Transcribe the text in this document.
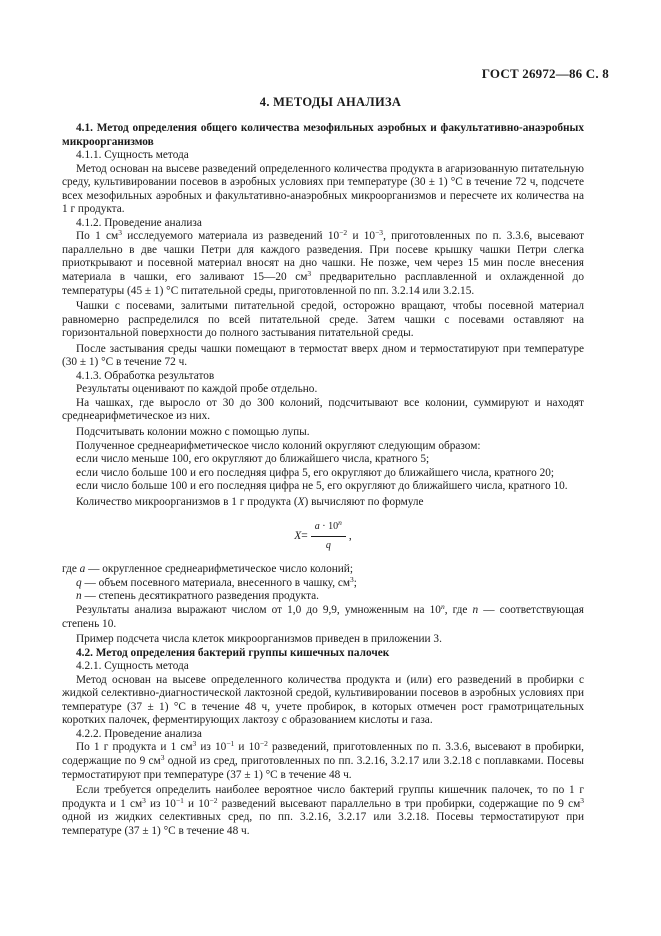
ГОСТ 26972—86 С. 8
4. МЕТОДЫ АНАЛИЗА

4.1. Метод определения общего количества мезофильных аэробных и факультативно-анаэробных микроорганизмов

4.1.1. Сущность метода

Метод основан на высеве разведений определенного количества продукта в агаризованную питательную среду, культивировании посевов в аэробных условиях при температуре (30 ± 1) °С в течение 72 ч, подсчете всех мезофильных аэробных и факультативно-анаэробных микроорганизмов и пересчете их количества на 1 г продукта.

4.1.2. Проведение анализа

По 1 $см^3$ исследуемого материала из разведений $10^{-2}$ и $10^{-3}$, приготовленных по п. 3.3.6, высевают параллельно в две чашки Петри для каждого разведения. При посеве крышку чашки Петри слегка приоткрывают и посевной материал вносят на дно чашки. Не позже, чем через 15 мин после внесения материала в чашки, его заливают 15—20 $см^3$ предварительно расплавленной и охлажденной до температуры (45 ± 1) °С питательной среды, приготовленной по пп. 3.2.14 или 3.2.15.

Чашки с посевами, залитыми питательной средой, осторожно вращают, чтобы посевной материал равномерно распределился по всей питательной среде. Затем чашки с посевами оставляют на горизонтальной поверхности до полного застывания питательной среды.

После застывания среды чашки помещают в термостат вверх дном и термостатируют при температуре (30 ± 1) °С в течение 72 ч.

4.1.3. Обработка результатов

Результаты оценивают по каждой пробе отдельно.

На чашках, где выросло от 30 до 300 колоний, подсчитывают все колонии, суммируют и находят среднеарифметическое из них.

Подсчитывать колонии можно с помощью лупы.

Полученное среднеарифметическое число колоний округляют следующим образом:

если число меньше 100, его округляют до ближайшего числа, кратного 5;

если число больше 100 и его последняя цифра 5, его округляют до ближайшего числа, кратного 20;

если число больше 100 и его последняя цифра не 5, его округляют до ближайшего числа, кратного 10.

Количество микроорганизмов в 1 г продукта (X) вычисляют по формуле

$X = \frac{a \cdot 10^n}{q}$ ,

где a — округленное среднеарифметическое число колоний;

q — объем посевного материала, внесенного в чашку, $см^3$;

n — степень десятикратного разведения продукта.

Результаты анализа выражают числом от 1,0 до 9,9, умноженным на 10$^n$, где n — соответствующая степень 10.

Пример подсчета числа клеток микроорганизмов приведен в приложении 3.

4.2. Метод определения бактерий группы кишечных палочек

4.2.1. Сущность метода

Метод основан на высеве определенного количества продукта и (или) его разведений в пробирки с жидкой селективно-диагностической лактозной средой, культивировании посевов в аэробных условиях при температуре (37 ± 1) °С в течение 48 ч, учете пробирок, в которых отмечен рост грамотрицательных коротких палочек, ферментирующих лактозу с образованием кислоты и газа.

4.2.2. Проведение анализа

По 1 г продукта и 1 $см^3$ из $10^{-1}$ и $10^{-2}$ разведений, приготовленных по п. 3.3.6, высевают в пробирки, содержащие по 9 $см^3$ одной из сред, приготовленных по пп. 3.2.16, 3.2.17 или 3.2.18 с поплавками. Посевы термостатируют при температуре (37 ± 1) °С в течение 48 ч.

Если требуется определить наиболее вероятное число бактерий группы кишечник палочек, то по 1 г продукта и 1 $см^3$ из $10^{-1}$ и $10^{-2}$ разведений высевают параллельно в три пробирки, содержащие по 9 $см^3$ одной из жидких селективных сред, по пп. 3.2.16, 3.2.17 или 3.2.18. Посевы термостатируют при температуре (37 ± 1) °С в течение 48 ч.
